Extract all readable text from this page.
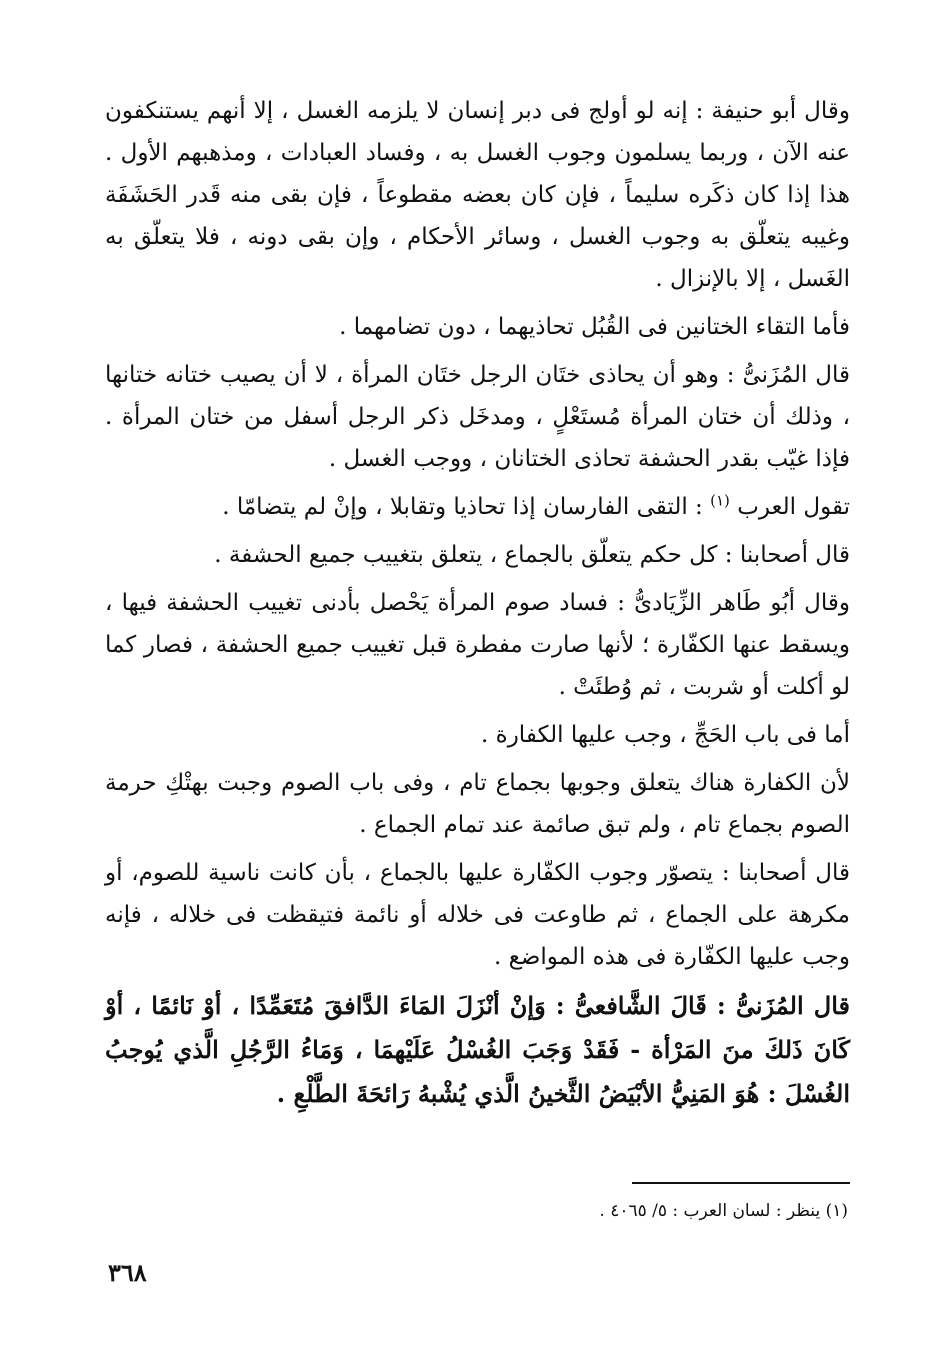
وقال أبو حنيفة : إنه لو أولج فى دبر إنسان لا يلزمه الغسل ، إلا أنهم يستنكفون عنه الآن ، وربما يسلمون وجوب الغسل به ، وفساد العبادات ، ومذهبهم الأول . هذا إذا كان ذكَره سليماً ، فإن كان بعضه مقطوعاً ، فإن بقى منه قَدر الحَشَفَة وغيبه يتعلّق به وجوب الغسل ، وسائر الأحكام ، وإن بقى دونه ، فلا يتعلّق به الغَسل ، إلا بالإنزال .

فأما التقاء الختانين فى القُبُل تحاذيهما ، دون تضامهما .

قال المُزَنىُّ : وهو أن يحاذى ختَان الرجل ختَان المرأة ، لا أن يصيب ختانه ختانها ، وذلك أن ختان المرأة مُستَعْلٍ ، ومدخَل ذكر الرجل أسفل من ختان المرأة . فإذا غيّب بقدر الحشفة تحاذى الختانان ، ووجب الغسل .

تقول العرب $^{(١)}$ : التقى الفارسان إذا تحاذيا وتقابلا ، وإنْ لم يتضامّا .

قال أصحابنا : كل حكم يتعلّق بالجماع ، يتعلق بتغييب جميع الحشفة .

وقال أبُو طَاهر الزِّيَادىُّ : فساد صوم المرأة يَحْصل بأدنى تغييب الحشفة فيها ، ويسقط عنها الكفّارة ؛ لأنها صارت مفطرة قبل تغييب جميع الحشفة ، فصار كما لو أكلت أو شربت ، ثم وُطئَتْ .

أما فى باب الحَجِّ ، وجب عليها الكفارة .

لأن الكفارة هناك يتعلق وجوبها بجماع تام ، وفى باب الصوم وجبت بهتْكِ حرمة الصوم بجماع تام ، ولم تبق صائمة عند تمام الجماع .

قال أصحابنا : يتصوّر وجوب الكفّارة عليها بالجماع ، بأن كانت ناسية للصوم، أو مكرهة على الجماع ، ثم طاوعت فى خلاله أو نائمة فتيقظت فى خلاله ، فإنه وجب عليها الكفّارة فى هذه المواضع .

قال المُزَنىُّ : قَالَ الشَّافعىُّ : وَإنْ أنْزَلَ المَاءَ الدَّافقَ مُتَعَمِّدًا ، أوْ نَائمًا ، أوْ كَانَ ذَلكَ منَ المَرْأة - فَقَدْ وَجَبَ الغُسْلُ عَلَيْهمَا ، وَمَاءُ الرَّجُلِ الَّذي يُوجبُ الغُسْلَ : هُوَ المَنِيُّ الأبْيَضُ الثَّخينُ الَّذي يُشْبهُ رَائحَةَ الطَّلْعِ .

(١) ينظر : لسان العرب : ٥/ ٤٠٦٥ .
٣٦٨
